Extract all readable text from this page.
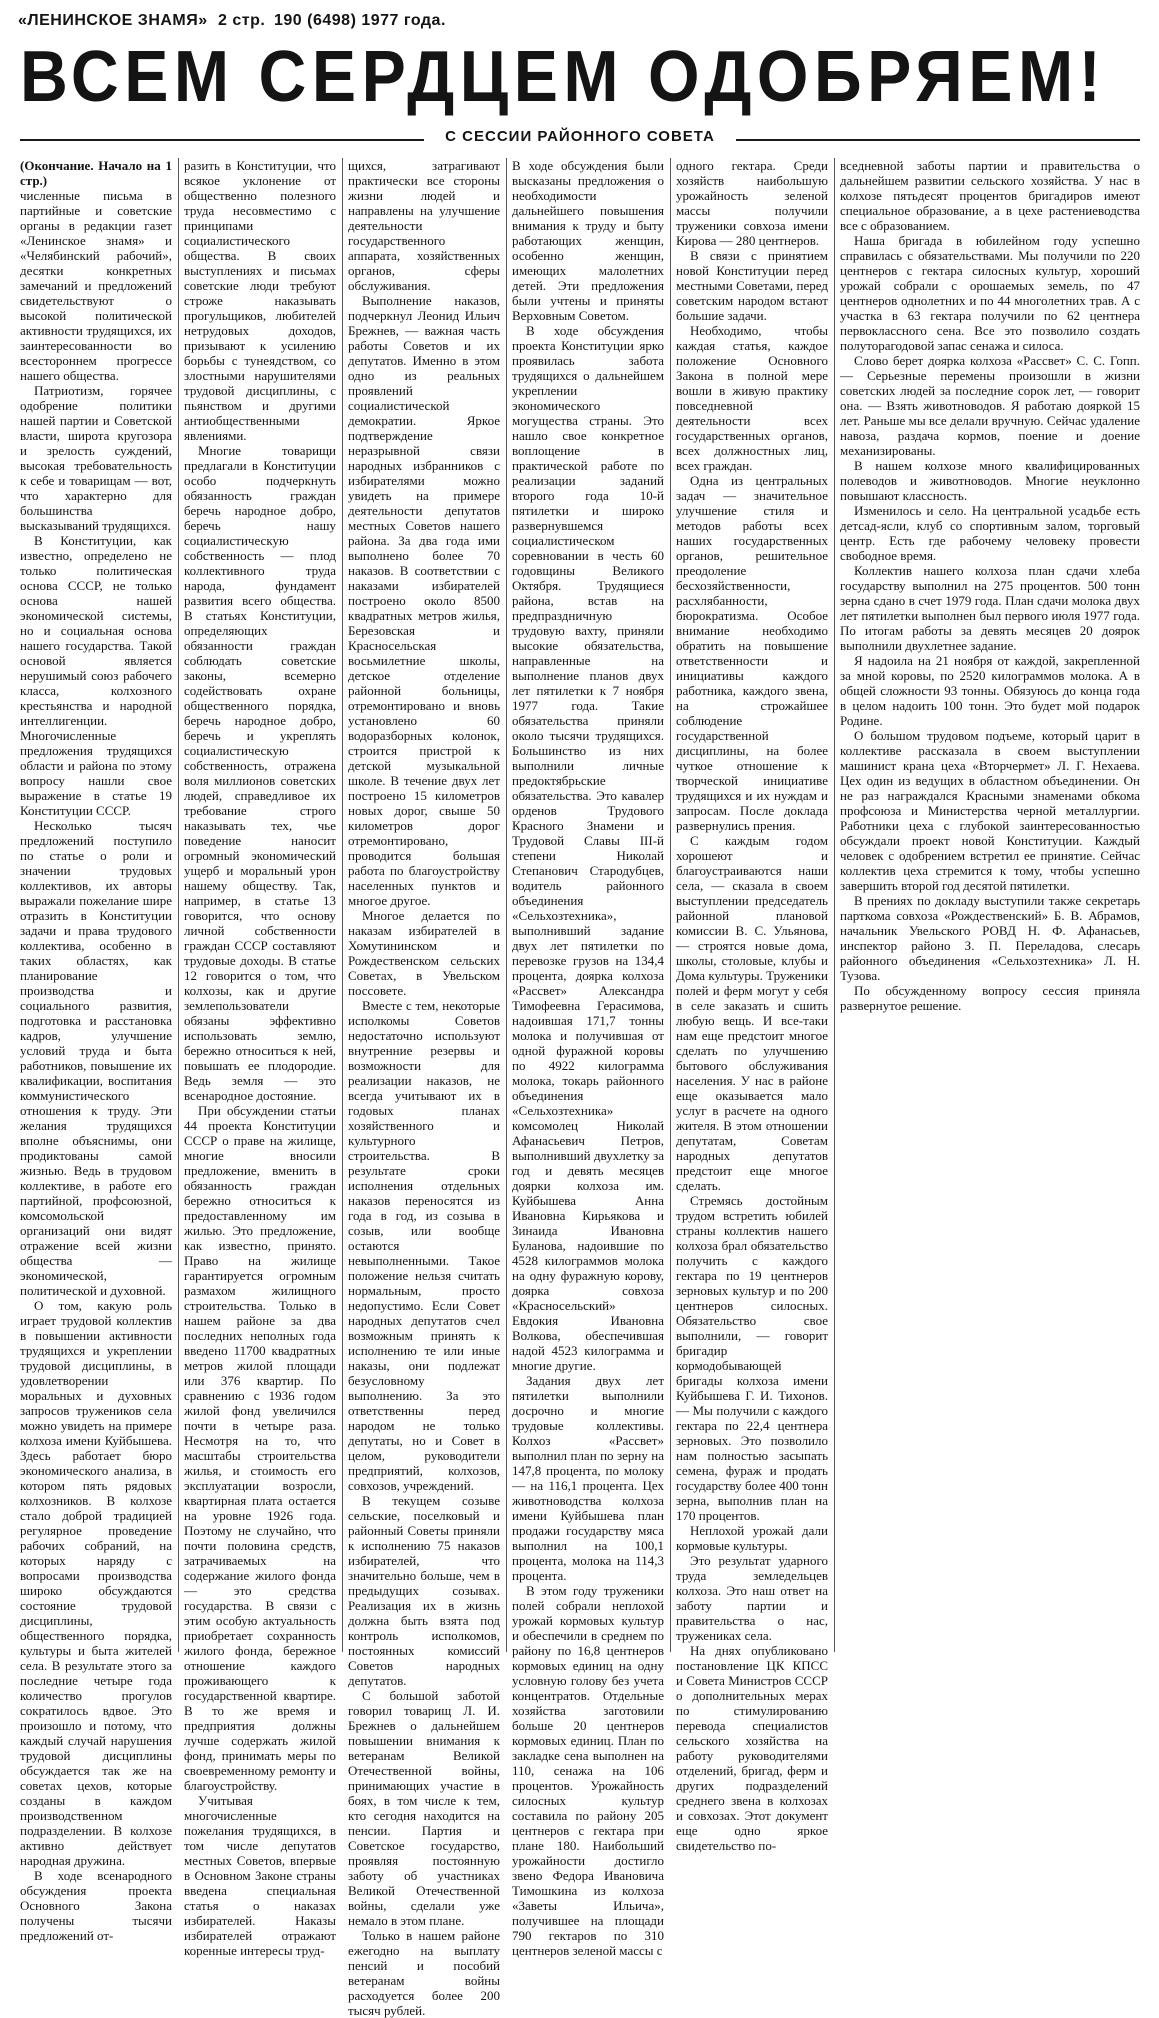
«ЛЕНИНСКОЕ ЗНАМЯ» 2 стр. 190 (6498) 1977 года.
ВСЕМ СЕРДЦЕМ ОДОБРЯЕМ!
С СЕССИИ РАЙОННОГО СОВЕТА

(Окончание. Начало на 1 стр.)

численные письма в партийные и советские органы в редакции газет «Ленинское знамя» и «Челябинский рабочий», десятки конкретных замечаний и предложений свидетельствуют о высокой политической активности трудящихся, их заинтересованности во всестороннем прогрессе нашего общества.

Патриотизм, горячее одобрение политики нашей партии и Советской власти, широта кругозора и зрелость суждений, высокая требовательность к себе и товарищам — вот, что характерно для большинства высказываний трудящихся.

В Конституции, как известно, определено не только политическая основа СССР, не только основа нашей экономической системы, но и социальная основа нашего государства. Такой основой является нерушимый союз рабочего класса, колхозного крестьянства и народной интеллигенции. Многочисленные предложения трудящихся области и района по этому вопросу нашли свое выражение в статье 19 Конституции СССР.

Несколько тысяч предложений поступило по статье о роли и значении трудовых коллективов, их авторы выражали пожелание шире отразить в Конституции задачи и права трудового коллектива, особенно в таких областях, как планирование производства и социального развития, подготовка и расстановка кадров, улучшение условий труда и быта работников, повышение их квалификации, воспитания коммунистического отношения к труду. Эти желания трудящихся вполне объяснимы, они продиктованы самой жизнью. Ведь в трудовом коллективе, в работе его партийной, профсоюзной, комсомольской организаций они видят отражение всей жизни общества — экономической, политической и духовной.

О том, какую роль играет трудовой коллектив в повышении активности трудящихся и укреплении трудовой дисциплины, в удовлетворении моральных и духовных запросов тружеников села можно увидеть на примере колхоза имени Куйбышева. Здесь работает бюро экономического анализа, в котором пять рядовых колхозников. В колхозе стало доброй традицией регулярное проведение рабочих собраний, на которых наряду с вопросами производства широко обсуждаются состояние трудовой дисциплины, общественного порядка, культуры и быта жителей села. В результате этого за последние четыре года количество прогулов сократилось вдвое. Это произошло и потому, что каждый случай нарушения трудовой дисциплины обсуждается так же на советах цехов, которые созданы в каждом производственном подразделении. В колхозе активно действует народная дружина.

В ходе всенародного обсуждения проекта Основного Закона получены тысячи предложений от-

разить в Конституции, что всякое уклонение от общественно полезного труда несовместимо с принципами социалистического общества. В своих выступлениях и письмах советские люди требуют строже наказывать прогульщиков, любителей нетрудовых доходов, призывают к усилению борьбы с тунеядством, со злостными нарушителями трудовой дисциплины, с пьянством и другими антиобщественными явлениями.

Многие товарищи предлагали в Конституции особо подчеркнуть обязанность граждан беречь народное добро, беречь нашу социалистическую собственность — плод коллективного труда народа, фундамент развития всего общества. В статьях Конституции, определяющих обязанности граждан соблюдать советские законы, всемерно содействовать охране общественного порядка, беречь народное добро, беречь и укреплять социалистическую собственность, отражена воля миллионов советских людей, справедливое их требование строго наказывать тех, чье поведение наносит огромный экономический ущерб и моральный урон нашему обществу. Так, например, в статье 13 говорится, что основу личной собственности граждан СССР составляют трудовые доходы. В статье 12 говорится о том, что колхозы, как и другие землепользователи обязаны эффективно использовать землю, бережно относиться к ней, повышать ее плодородие. Ведь земля — это всенародное достояние.

При обсуждении статьи 44 проекта Конституции СССР о праве на жилище, многие вносили предложение, вменить в обязанность граждан бережно относиться к предоставленному им жилью. Это предложение, как известно, принято. Право на жилище гарантируется огромным размахом жилищного строительства. Только в нашем районе за два последних неполных года введено 11700 квадратных метров жилой площади или 376 квартир. По сравнению с 1936 годом жилой фонд увеличился почти в четыре раза. Несмотря на то, что масштабы строительства жилья, и стоимость его эксплуатации возросли, квартирная плата остается на уровне 1926 года. Поэтому не случайно, что почти половина средств, затрачиваемых на содержание жилого фонда — это средства государства. В связи с этим особую актуальность приобретает сохранность жилого фонда, бережное отношение каждого проживающего к государственной квартире. В то же время и предприятия должны лучше содержать жилой фонд, принимать меры по своевременному ремонту и благоустройству.

Учитывая многочисленные пожелания трудящихся, в том числе депутатов местных Советов, впервые в Основном Законе страны введена специальная статья о наказах избирателей. Наказы избирателей отражают коренные интересы труд-

щихся, затрагивают практически все стороны жизни людей и направлены на улучшение деятельности государственного аппарата, хозяйственных органов, сферы обслуживания.

Выполнение наказов, подчеркнул Леонид Ильич Брежнев, — важная часть работы Советов и их депутатов. Именно в этом одно из реальных проявлений социалистической демократии. Яркое подтверждение неразрывной связи народных избранников с избирателями можно увидеть на примере деятельности депутатов местных Советов нашего района. За два года ими выполнено более 70 наказов. В соответствии с наказами избирателей построено около 8500 квадратных метров жилья, Березовская и Красносельская восьмилетние школы, детское отделение районной больницы, отремонтировано и вновь установлено 60 водоразборных колонок, строится пристрой к детской музыкальной школе. В течение двух лет построено 15 километров новых дорог, свыше 50 километров дорог отремонтировано, проводится большая работа по благоустройству населенных пунктов и многое другое.

Многое делается по наказам избирателей в Хомутининском и Рождественском сельских Советах, в Увельском поссовете.

Вместе с тем, некоторые исполкомы Советов недостаточно используют внутренние резервы и возможности для реализации наказов, не всегда учитывают их в годовых планах хозяйственного и культурного строительства. В результате сроки исполнения отдельных наказов переносятся из года в год, из созыва в созыв, или вообще остаются невыполненными. Такое положение нельзя считать нормальным, просто недопустимо. Если Совет народных депутатов счел возможным принять к исполнению те или иные наказы, они подлежат безусловному выполнению. За это ответственны перед народом не только депутаты, но и Совет в целом, руководители предприятий, колхозов, совхозов, учреждений.

В текущем созыве сельские, поселковый и районный Советы приняли к исполнению 75 наказов избирателей, что значительно больше, чем в предыдущих созывах. Реализация их в жизнь должна быть взята под контроль исполкомов, постоянных комиссий Советов народных депутатов.

С большой заботой говорил товарищ Л. И. Брежнев о дальнейшем повышении внимания к ветеранам Великой Отечественной войны, принимающих участие в боях, в том числе к тем, кто сегодня находится на пенсии. Партия и Советское государство, проявляя постоянную заботу об участниках Великой Отечественной войны, сделали уже немало в этом плане.

Только в нашем районе ежегодно на выплату пенсий и пособий ветеранам войны расходуется более 200 тысяч рублей.

В ходе обсуждения были высказаны предложения о необходимости дальнейшего повышения внимания к труду и быту работающих женщин, особенно женщин, имеющих малолетних детей. Эти предложения были учтены и приняты Верховным Советом.

В ходе обсуждения проекта Конституции ярко проявилась забота трудящихся о дальнейшем укреплении экономического могущества страны. Это нашло свое конкретное воплощение в практической работе по реализации заданий второго года 10-й пятилетки и широко развернувшемся социалистическом соревновании в честь 60 годовщины Великого Октября. Трудящиеся района, встав на предпраздничную трудовую вахту, приняли высокие обязательства, направленные на выполнение планов двух лет пятилетки к 7 ноября 1977 года. Такие обязательства приняли около тысячи трудящихся. Большинство из них выполнили личные предоктябрьские обязательства. Это кавалер орденов Трудового Красного Знамени и Трудовой Славы III-й степени Николай Степанович Стародубцев, водитель районного объединения «Сельхозтехника», выполнивший задание двух лет пятилетки по перевозке грузов на 134,4 процента, доярка колхоза «Рассвет» Александра Тимофеевна Герасимова, надоившая 171,7 тонны молока и получившая от одной фуражной коровы по 4922 килограмма молока, токарь районного объединения «Сельхозтехника» комсомолец Николай Афанасьевич Петров, выполнивший двухлетку за год и девять месяцев доярки колхоза им. Куйбышева Анна Ивановна Кирьякова и Зинаида Ивановна Буланова, надоившие по 4528 килограммов молока на одну фуражную корову, доярка совхоза «Красносельский» Евдокия Ивановна Волкова, обеспечившая надой 4523 килограмма и многие другие.

Задания двух лет пятилетки выполнили досрочно и многие трудовые коллективы. Колхоз «Рассвет» выполнил план по зерну на 147,8 процента, по молоку — на 116,1 процента. Цех животноводства колхоза имени Куйбышева план продажи государству мяса выполнил на 100,1 процента, молока на 114,3 процента.

В этом году труженики полей собрали неплохой урожай кормовых культур и обеспечили в среднем по району по 16,8 центнеров кормовых единиц на одну условную голову без учета концентратов. Отдельные хозяйства заготовили больше 20 центнеров кормовых единиц. План по закладке сена выполнен на 110, сенажа на 106 процентов. Урожайность силосных культур составила по району 205 центнеров с гектара при плане 180. Наибольший урожайности достигло звено Федора Ивановича Тимошкина из колхоза «Заветы Ильича», получившее на площади 790 гектаров по 310 центнеров зеленой массы с

одного гектара. Среди хозяйств наибольшую урожайность зеленой массы получили труженики совхоза имени Кирова — 280 центнеров.

В связи с принятием новой Конституции перед местными Советами, перед советским народом встают большие задачи.

Необходимо, чтобы каждая статья, каждое положение Основного Закона в полной мере вошли в живую практику повседневной деятельности всех государственных органов, всех должностных лиц, всех граждан.

Одна из центральных задач — значительное улучшение стиля и методов работы всех наших государственных органов, решительное преодоление бесхозяйственности, расхлябанности, бюрократизма. Особое внимание необходимо обратить на повышение ответственности и инициативы каждого работника, каждого звена, на строжайшее соблюдение государственной дисциплины, на более чуткое отношение к творческой инициативе трудящихся и их нуждам и запросам. После доклада развернулись прения.

С каждым годом хорошеют и благоустраиваются наши села, — сказала в своем выступлении председатель районной плановой комиссии В. С. Ульянова, — строятся новые дома, школы, столовые, клубы и Дома культуры. Труженики полей и ферм могут у себя в селе заказать и сшить любую вещь. И все-таки нам еще предстоит многое сделать по улучшению бытового обслуживания населения. У нас в районе еще оказывается мало услуг в расчете на одного жителя. В этом отношении депутатам, Советам народных депутатов предстоит еще многое сделать.

Стремясь достойным трудом встретить юбилей страны коллектив нашего колхоза брал обязательство получить с каждого гектара по 19 центнеров зерновых культур и по 200 центнеров силосных. Обязательство свое выполнили, — говорит бригадир кормодобывающей бригады колхоза имени Куйбышева Г. И. Тихонов. — Мы получили с каждого гектара по 22,4 центнера зерновых. Это позволило нам полностью засыпать семена, фураж и продать государству более 400 тонн зерна, выполнив план на 170 процентов.

Неплохой урожай дали кормовые культуры.

Это результат ударного труда земледельцев колхоза. Это наш ответ на заботу партии и правительства о нас, тружениках села.

На днях опубликовано постановление ЦК КПСС и Совета Министров СССР о дополнительных мерах по стимулированию перевода специалистов сельского хозяйства на работу руководителями отделений, бригад, ферм и других подразделений среднего звена в колхозах и совхозах. Этот документ еще одно яркое свидетельство по-

вседневной заботы партии и правительства о дальнейшем развитии сельского хозяйства. У нас в колхозе пятьдесят процентов бригадиров имеют специальное образование, а в цехе растениеводства все с образованием.

Наша бригада в юбилейном году успешно справилась с обязательствами. Мы получили по 220 центнеров с гектара силосных культур, хороший урожай собрали с орошаемых земель, по 47 центнеров однолетних и по 44 многолетних трав. А с участка в 63 гектара получили по 62 центнера первоклассного сена. Все это позволило создать полуторагодовой запас сенажа и силоса.

Слово берет доярка колхоза «Рассвет» С. С. Гопп. — Серьезные перемены произошли в жизни советских людей за последние сорок лет, — говорит она. — Взять животноводов. Я работаю дояркой 15 лет. Раньше мы все делали вручную. Сейчас удаление навоза, раздача кормов, поение и доение механизированы.

В нашем колхозе много квалифицированных полеводов и животноводов. Многие неуклонно повышают классность.

Изменилось и село. На центральной усадьбе есть детсад-ясли, клуб со спортивным залом, торговый центр. Есть где рабочему человеку провести свободное время.

Коллектив нашего колхоза план сдачи хлеба государству выполнил на 275 процентов. 500 тонн зерна сдано в счет 1979 года. План сдачи молока двух лет пятилетки выполнен был первого июля 1977 года. По итогам работы за девять месяцев 20 доярок выполнили двухлетнее задание.

Я надоила на 21 ноября от каждой, закрепленной за мной коровы, по 2520 килограммов молока. А в общей сложности 93 тонны. Обязуюсь до конца года в целом надоить 100 тонн. Это будет мой подарок Родине.

О большом трудовом подъеме, который царит в коллективе рассказала в своем выступлении машинист крана цеха «Вторчермет» Л. Г. Нехаева. Цех один из ведущих в областном объединении. Он не раз награждался Красными знаменами обкома профсоюза и Министерства черной металлургии. Работники цеха с глубокой заинтересованностью обсуждали проект новой Конституции. Каждый человек с одобрением встретил ее принятие. Сейчас коллектив цеха стремится к тому, чтобы успешно завершить второй год десятой пятилетки.

В прениях по докладу выступили также секретарь парткома совхоза «Рождественский» Б. В. Абрамов, начальник Увельского РОВД Н. Ф. Афанасьев, инспектор районо З. П. Переладова, слесарь районного объединения «Сельхозтехника» Л. Н. Тузова.

По обсужденному вопросу сессия приняла развернутое решение.
